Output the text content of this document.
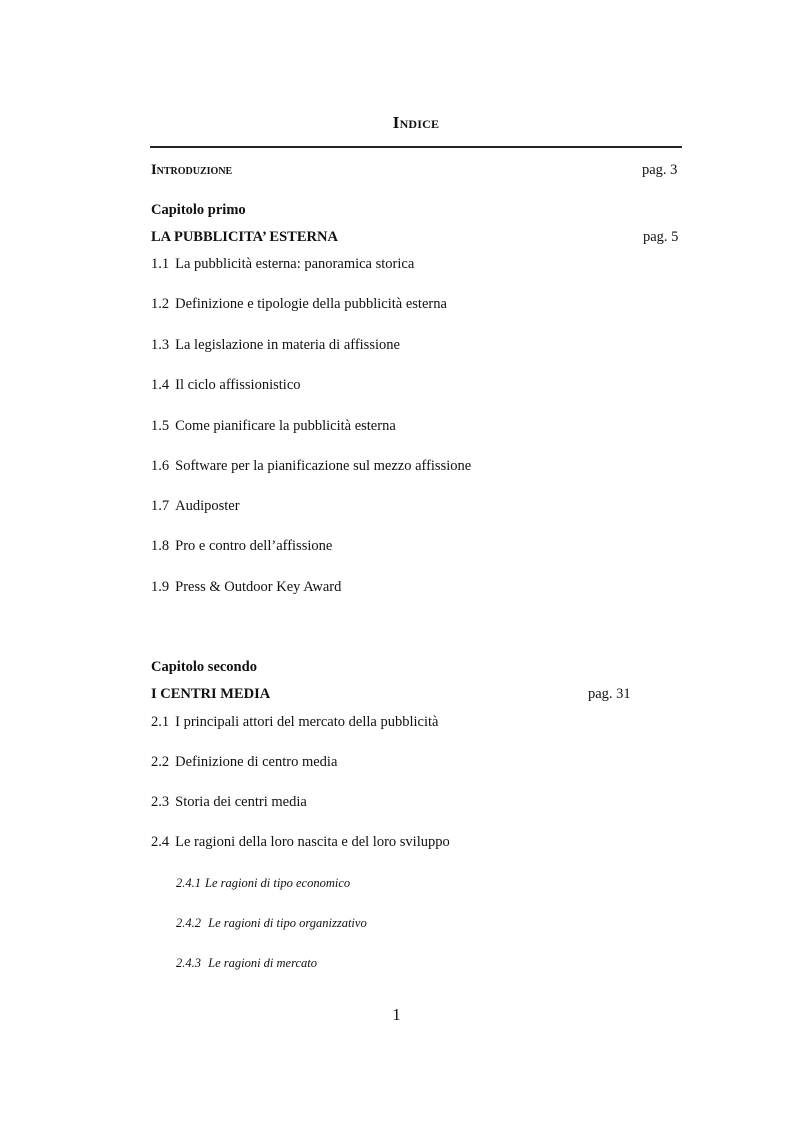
Indice
Introduzione	pag. 3
Capitolo primo
LA PUBBLICITA’ ESTERNA	pag. 5
1.1 La pubblicità esterna: panoramica storica
1.2 Definizione e tipologie della pubblicità esterna
1.3 La legislazione in materia di affissione
1.4 Il ciclo affissionistico
1.5 Come pianificare la pubblicità esterna
1.6 Software per la pianificazione sul mezzo affissione
1.7 Audiposter
1.8 Pro e contro dell’affissione
1.9 Press & Outdoor Key Award
Capitolo secondo
I CENTRI MEDIA	pag. 31
2.1 I principali attori del mercato della pubblicità
2.2 Definizione di centro media
2.3 Storia dei centri media
2.4 Le ragioni della loro nascita e del loro sviluppo
2.4.1 Le ragioni di tipo economico
2.4.2 Le ragioni di tipo organizzativo
2.4.3 Le ragioni di mercato
1
